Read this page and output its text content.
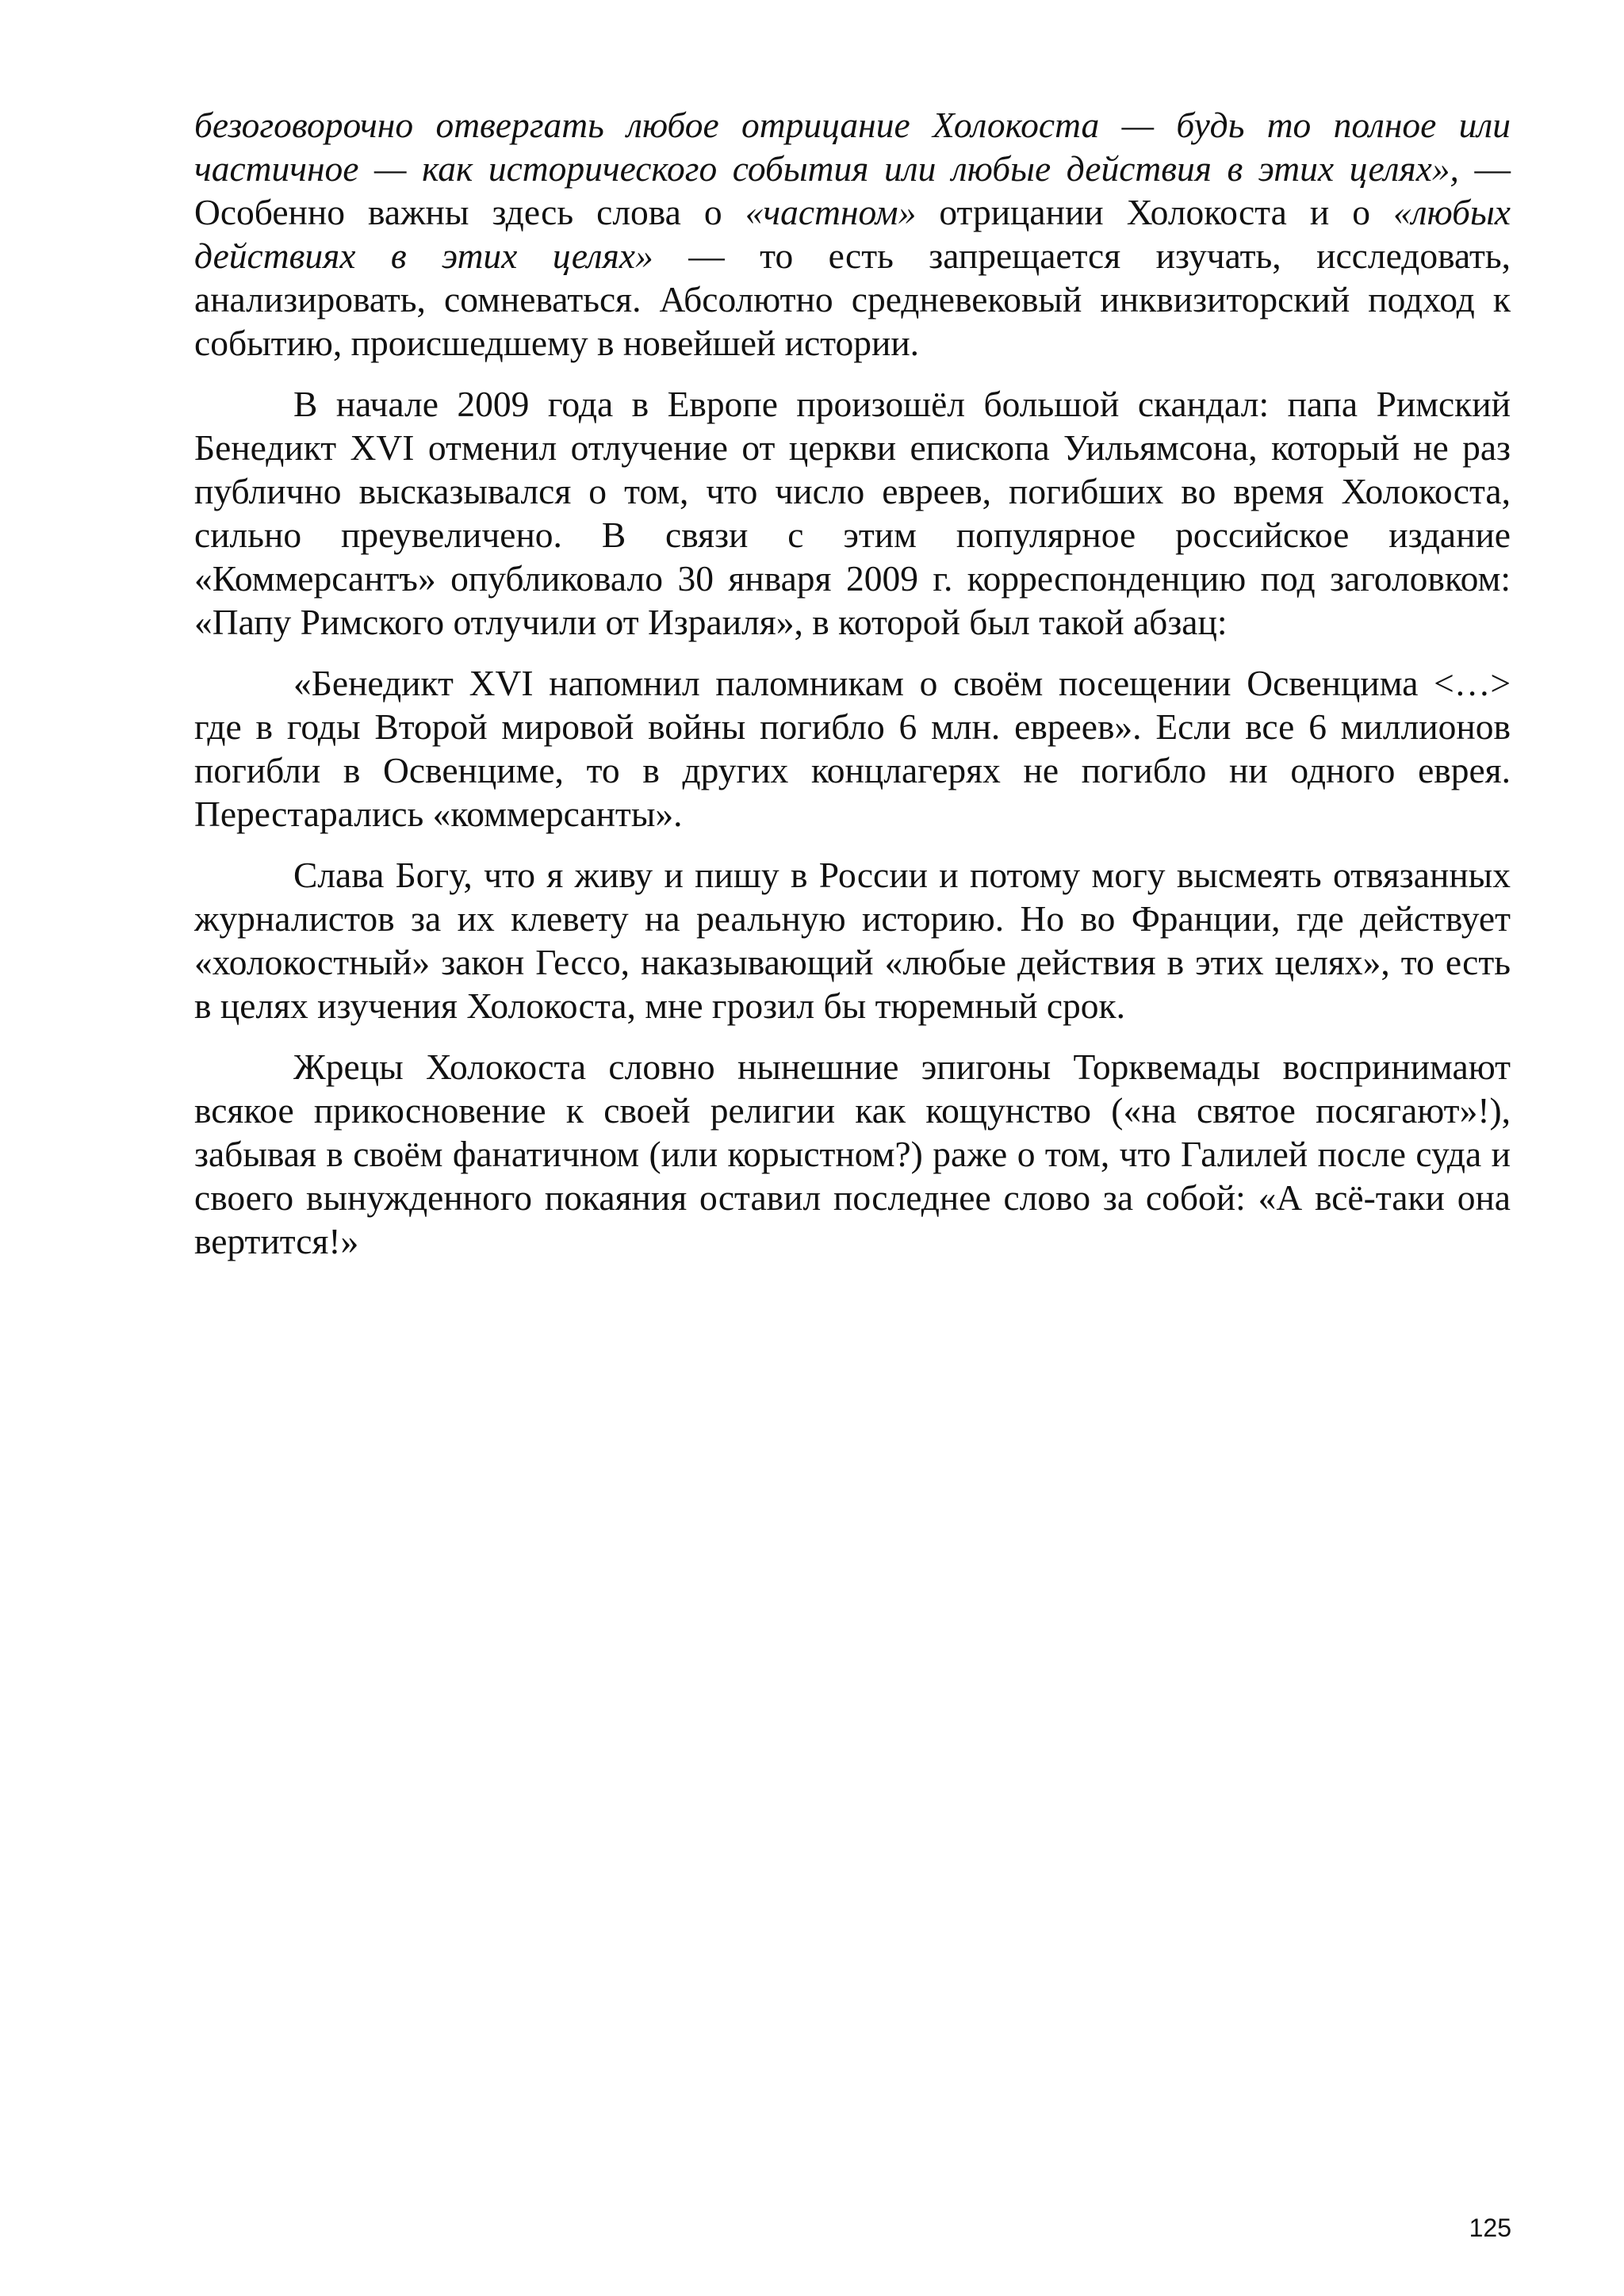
безоговорочно отвергать любое отрицание Холокоста — будь то полное или частичное — как исторического события или любые действия в этих целях», — Особенно важны здесь слова о «частном» отрицании Холокоста и о «любых действиях в этих целях» — то есть запрещается изучать, исследовать, анализировать, сомневаться. Абсолютно средневековый инквизиторский подход к событию, происшедшему в новейшей истории.

В начале 2009 года в Европе произошёл большой скандал: папа Римский Бенедикт XVI отменил отлучение от церкви епископа Уильямсона, который не раз публично высказывался о том, что число евреев, погибших во время Холокоста, сильно преувеличено. В связи с этим популярное российское издание «Коммерсантъ» опубликовало 30 января 2009 г. корреспонденцию под заголовком: «Папу Римского отлучили от Израиля», в которой был такой абзац:

«Бенедикт XVI напомнил паломникам о своём посещении Освенцима <…> где в годы Второй мировой войны погибло 6 млн. евреев». Если все 6 миллионов погибли в Освенциме, то в других концлагерях не погибло ни одного еврея. Перестарались «коммерсанты».

Слава Богу, что я живу и пишу в России и потому могу высмеять отвязанных журналистов за их клевету на реальную историю. Но во Франции, где действует «холокостный» закон Гессо, наказывающий «любые действия в этих целях», то есть в целях изучения Холокоста, мне грозил бы тюремный срок.

Жрецы Холокоста словно нынешние эпигоны Торквемады воспринимают всякое прикосновение к своей религии как кощунство («на святое посягают»!), забывая в своём фанатичном (или корыстном?) раже о том, что Галилей после суда и своего вынужденного покаяния оставил последнее слово за собой: «А всё-таки она вертится!»

125
